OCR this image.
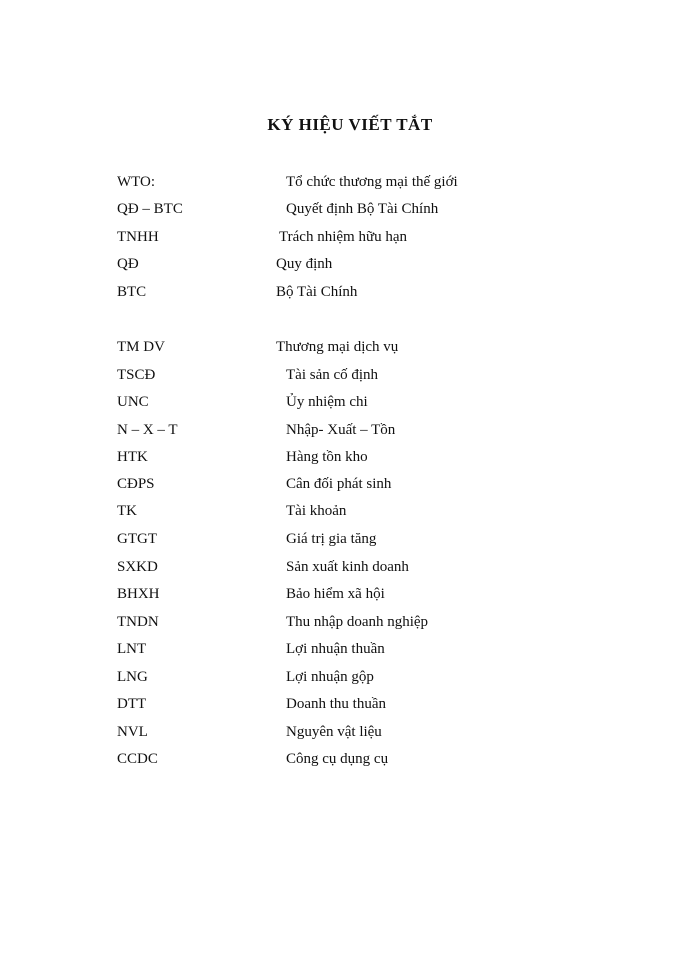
KÝ HIỆU VIẾT TẮT
WTO:	Tổ chức thương mại thế giới
QĐ – BTC	Quyết định Bộ Tài Chính
TNHH	Trách nhiệm hữu hạn
QĐ	Quy định
BTC	Bộ Tài Chính
TM DV	Thương mại dịch vụ
TSCĐ	Tài sản cố định
UNC	Ủy nhiệm chi
N – X – T	Nhập- Xuất – Tồn
HTK	Hàng tồn kho
CĐPS	Cân đối phát sinh
TK	Tài khoản
GTGT	Giá trị gia tăng
SXKD	Sản xuất kinh doanh
BHXH	Bảo hiểm xã hội
TNDN	Thu nhập doanh nghiệp
LNT	Lợi nhuận thuần
LNG	Lợi nhuận gộp
DTT	Doanh thu thuần
NVL	Nguyên vật liệu
CCDC	Công cụ dụng cụ
